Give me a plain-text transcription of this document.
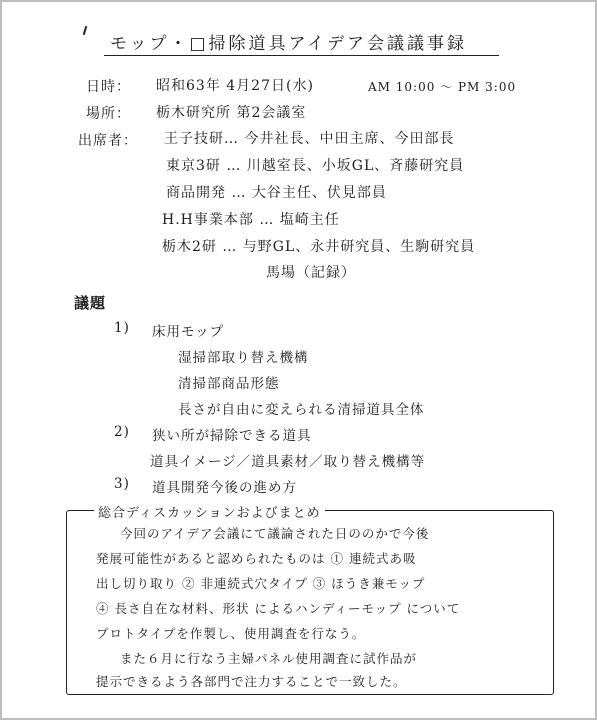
モップ・□掃除道具アイデア会議議事録
日時： 昭和63年 4月27日(水)	AM 10:00 〜 PM 3:00
場所： 栃木研究所 第2会議室
出席者： 王子技研… 今井社長、中田主席、今田部長
東京3研 … 川越室長、小坂GL、斉藤研究員
商品開発 … 大谷主任、伏見部員
H.H事業本部 … 塩崎主任
栃木2研 … 与野GL、永井研究員、生駒研究員
馬場（記録）
議題
1) 床用モップ
湿掃部取り替え機構
清掃部商品形態
長さが自由に変えられる清掃道具全体
2) 狭い所が掃除できる道具
道具イメージ／道具素材／取り替え機構等
3) 道具開発今後の進め方
総合ディスカッションおよびまとめ
今回のアイデア会議にて議論された日ののかで今後
発展可能性があると認められたものは ① 連続式あ吸
出し切り取り ② 非連続式穴タイプ ③ ほうき兼モップ
④ 長さ自在な材料、形状 によるハンディーモップ について
プロトタイプを作製し、使用調査を行なう。
また６月に行なう主婦パネル使用調査に試作品が
提示できるよう各部門で注力することで一致した。
